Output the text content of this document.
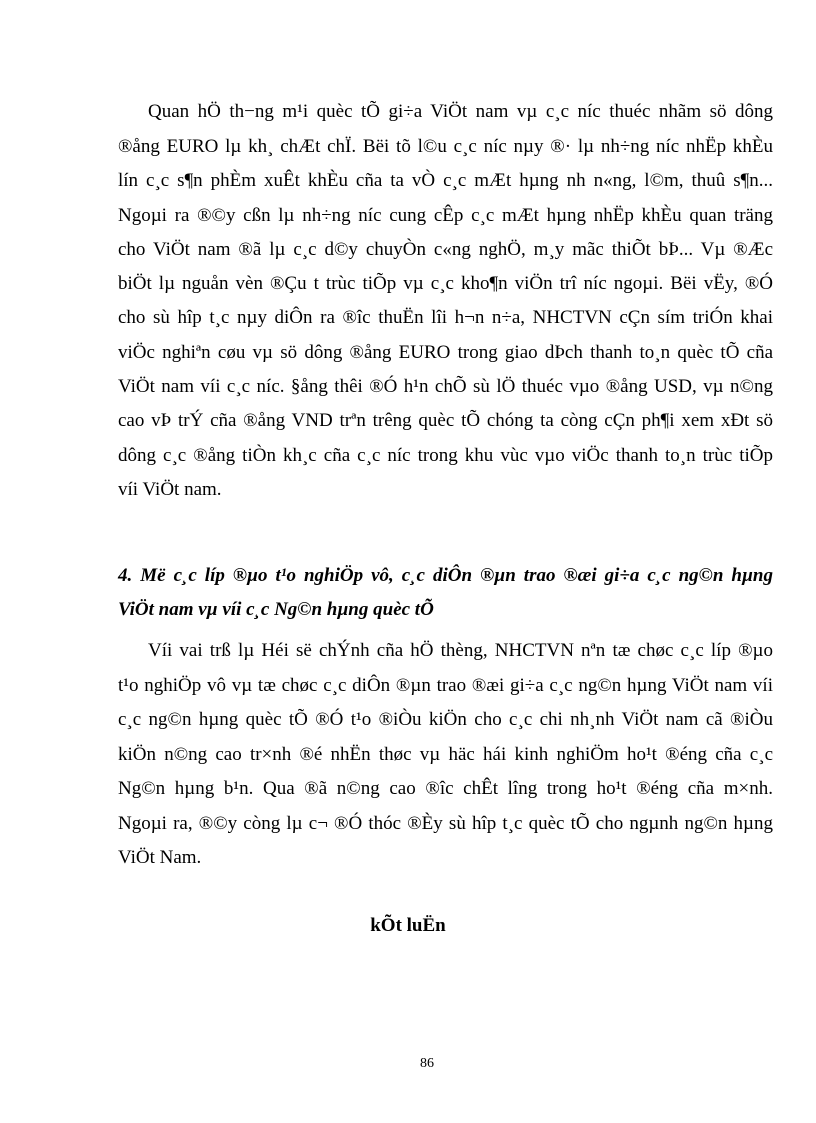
Quan hÖ th−ng m¹i quèc tÕ gi÷a ViÖt nam vµ c¸c níc thuéc nhãm sö dông

®ång EURO lµ kh¸ chÆt chÏ. Bëi tõ l©u c¸c níc nµy ®· lµ nh÷ng níc nhËp khÈu

lín c¸c s¶n phÈm xuÊt khÈu cña ta vÒ c¸c mÆt hµng nh n«ng, l©m, thuû s¶n...

Ngoµi ra ®©y cßn lµ nh÷ng níc cung cÊp c¸c mÆt hµng nhËp khÈu quan träng

cho ViÖt nam ®ã lµ c¸c d©y chuyÒn c«ng nghÖ, m¸y mãc thiÕt bÞ... Vµ ®Æc

biÖt lµ nguån vèn ®Çu t trùc tiÕp vµ c¸c kho¶n viÖn trî níc ngoµi. Bëi vËy, ®Ó

cho sù hîp t¸c nµy diÔn ra ®îc thuËn lîi h¬n n÷a, NHCTVN cÇn sím triÓn khai

viÖc nghiªn cøu vµ sö dông ®ång EURO trong giao dÞch thanh to¸n quèc tÕ cña

ViÖt nam víi c¸c níc. §ång thêi ®Ó h¹n chÕ sù lÖ thuéc vµo ®ång USD, vµ n©ng

cao vÞ trÝ cña ®ång VND trªn trêng quèc tÕ chóng ta còng cÇn ph¶i xem xÐt sö

dông c¸c ®ång tiÒn kh¸c cña c¸c níc trong khu vùc vµo viÖc thanh to¸n trùc tiÕp

víi ViÖt nam.

4. Më c¸c líp ®µo t¹o nghiÖp vô, c¸c diÔn ®µn trao ®æi gi÷a c¸c ng©n hµng

ViÖt nam vµ víi c¸c Ng©n hµng quèc tÕ

Víi vai trß lµ Héi së chÝnh cña hÖ thèng, NHCTVN nªn tæ chøc c¸c líp ®µo

t¹o nghiÖp vô vµ tæ chøc c¸c diÔn ®µn trao ®æi gi÷a c¸c ng©n hµng ViÖt nam víi

c¸c ng©n hµng quèc tÕ ®Ó t¹o ®iÒu kiÖn cho c¸c chi nh¸nh ViÖt nam cã ®iÒu

kiÖn n©ng cao tr×nh ®é nhËn thøc vµ häc hái kinh nghiÖm ho¹t ®éng cña c¸c

Ng©n hµng b¹n. Qua ®ã n©ng cao ®îc chÊt lîng trong ho¹t ®éng cña m×nh.

Ngoµi ra, ®©y còng lµ c¬ ®Ó thóc ®Èy sù hîp t¸c quèc tÕ cho ngµnh ng©n hµng

ViÖt Nam.

kÕt luËn
86
